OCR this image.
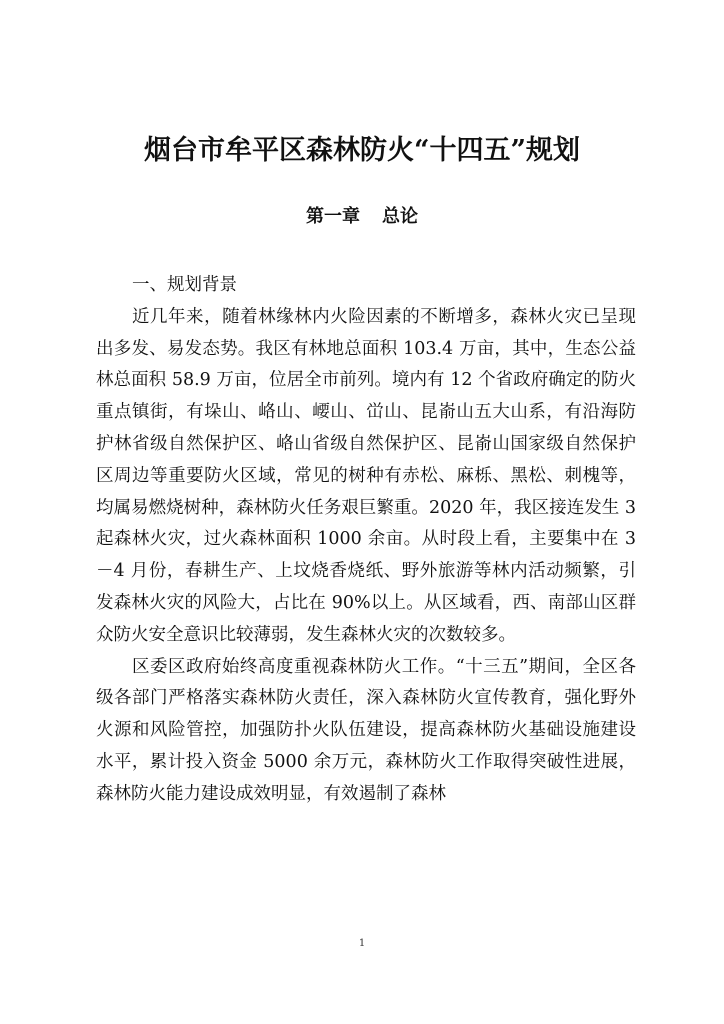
烟台市牟平区森林防火“十四五”规划
第一章 总论
一、规划背景

近几年来，随着林缘林内火险因素的不断增多，森林火灾已呈现出多发、易发态势。我区有林地总面积 103.4 万亩，其中，生态公益林总面积 58.9 万亩，位居全市前列。境内有 12 个省政府确定的防火重点镇街，有垛山、峈山、崾山、峃山、昆嵛山五大山系，有沿海防护林省级自然保护区、峈山省级自然保护区、昆嵛山国家级自然保护区周边等重要防火区域，常见的树种有赤松、麻栎、黑松、刺槐等，均属易燃烧树种，森林防火任务艰巨繁重。2020 年，我区接连发生 3 起森林火灾，过火森林面积 1000 余亩。从时段上看，主要集中在 3－4 月份，春耕生产、上坟烧香烧纸、野外旅游等林内活动频繁，引发森林火灾的风险大，占比在 90%以上。从区域看，西、南部山区群众防火安全意识比较薄弱，发生森林火灾的次数较多。

区委区政府始终高度重视森林防火工作。“十三五”期间，全区各级各部门严格落实森林防火责任，深入森林防火宣传教育，强化野外火源和风险管控，加强防扑火队伍建设，提高森林防火基础设施建设水平，累计投入资金 5000 余万元，森林防火工作取得突破性进展，森林防火能力建设成效明显，有效遏制了森林

1
